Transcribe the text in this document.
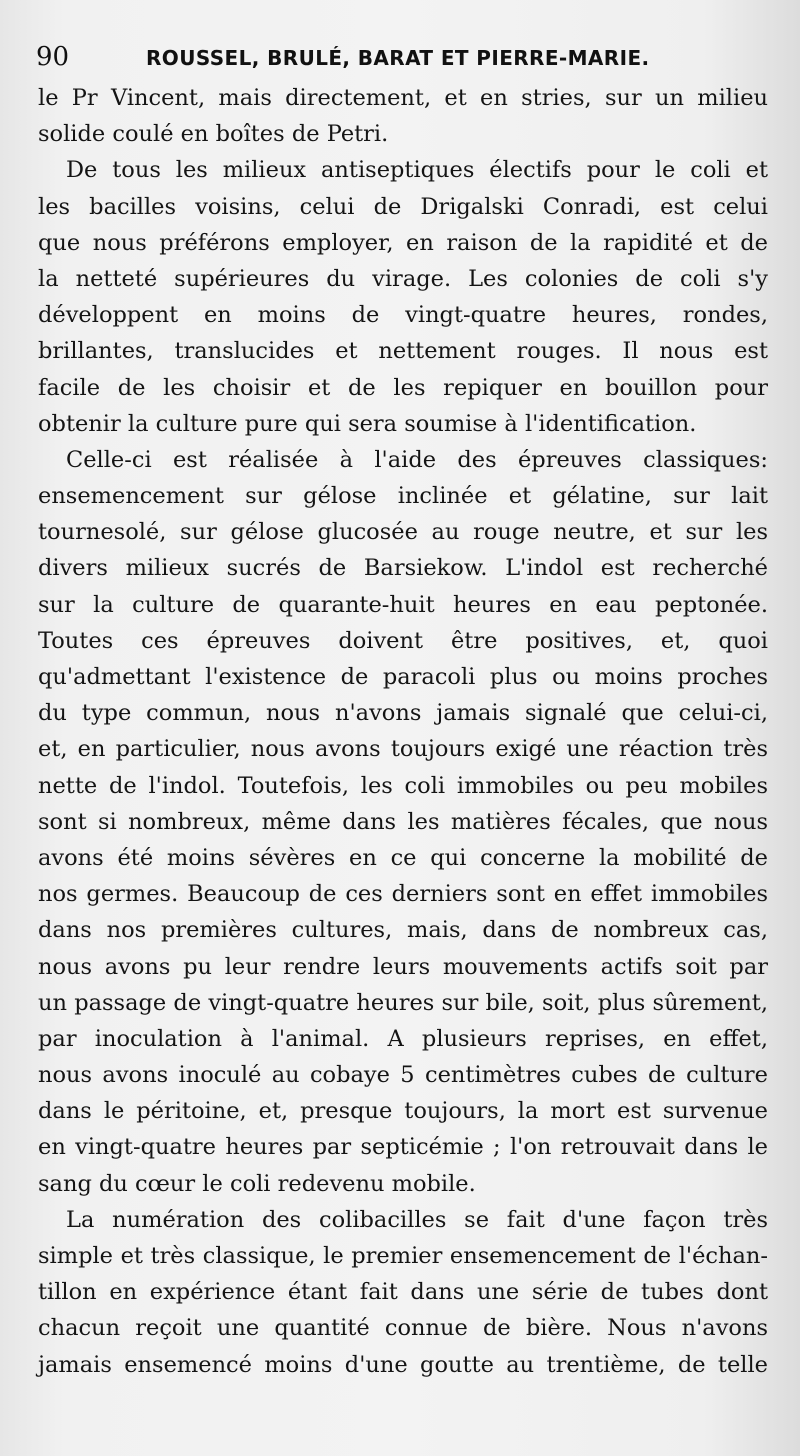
90	ROUSSEL, BRULÉ, BARAT ET PIERRE-MARIE.
le Pr Vincent, mais directement, et en stries, sur un milieu
solide coulé en boîtes de Petri.
De tous les milieux antiseptiques électifs pour le coli et
les bacilles voisins, celui de Drigalski Conradi, est celui
que nous préférons employer, en raison de la rapidité et de
la netteté supérieures du virage. Les colonies de coli s'y
développent en moins de vingt-quatre heures, rondes,
brillantes, translucides et nettement rouges. Il nous est
facile de les choisir et de les repiquer en bouillon pour
obtenir la culture pure qui sera soumise à l'identification.
Celle-ci est réalisée à l'aide des épreuves classiques:
ensemencement sur gélose inclinée et gélatine, sur lait
tournesolé, sur gélose glucosée au rouge neutre, et sur les
divers milieux sucrés de Barsiekow. L'indol est recherché
sur la culture de quarante-huit heures en eau peptonée.
Toutes ces épreuves doivent être positives, et, quoi
qu'admettant l'existence de paracoli plus ou moins proches
du type commun, nous n'avons jamais signalé que celui-ci,
et, en particulier, nous avons toujours exigé une réaction très
nette de l'indol. Toutefois, les coli immobiles ou peu mobiles
sont si nombreux, même dans les matières fécales, que nous
avons été moins sévères en ce qui concerne la mobilité de
nos germes. Beaucoup de ces derniers sont en effet immobiles
dans nos premières cultures, mais, dans de nombreux cas,
nous avons pu leur rendre leurs mouvements actifs soit par
un passage de vingt-quatre heures sur bile, soit, plus sûrement,
par inoculation à l'animal. A plusieurs reprises, en effet,
nous avons inoculé au cobaye 5 centimètres cubes de culture
dans le péritoine, et, presque toujours, la mort est survenue
en vingt-quatre heures par septicémie ; l'on retrouvait dans le
sang du cœur le coli redevenu mobile.
La numération des colibacilles se fait d'une façon très
simple et très classique, le premier ensemencement de l'échan-
tillon en expérience étant fait dans une série de tubes dont
chacun reçoit une quantité connue de bière. Nous n'avons
jamais ensemencé moins d'une goutte au trentième, de telle
